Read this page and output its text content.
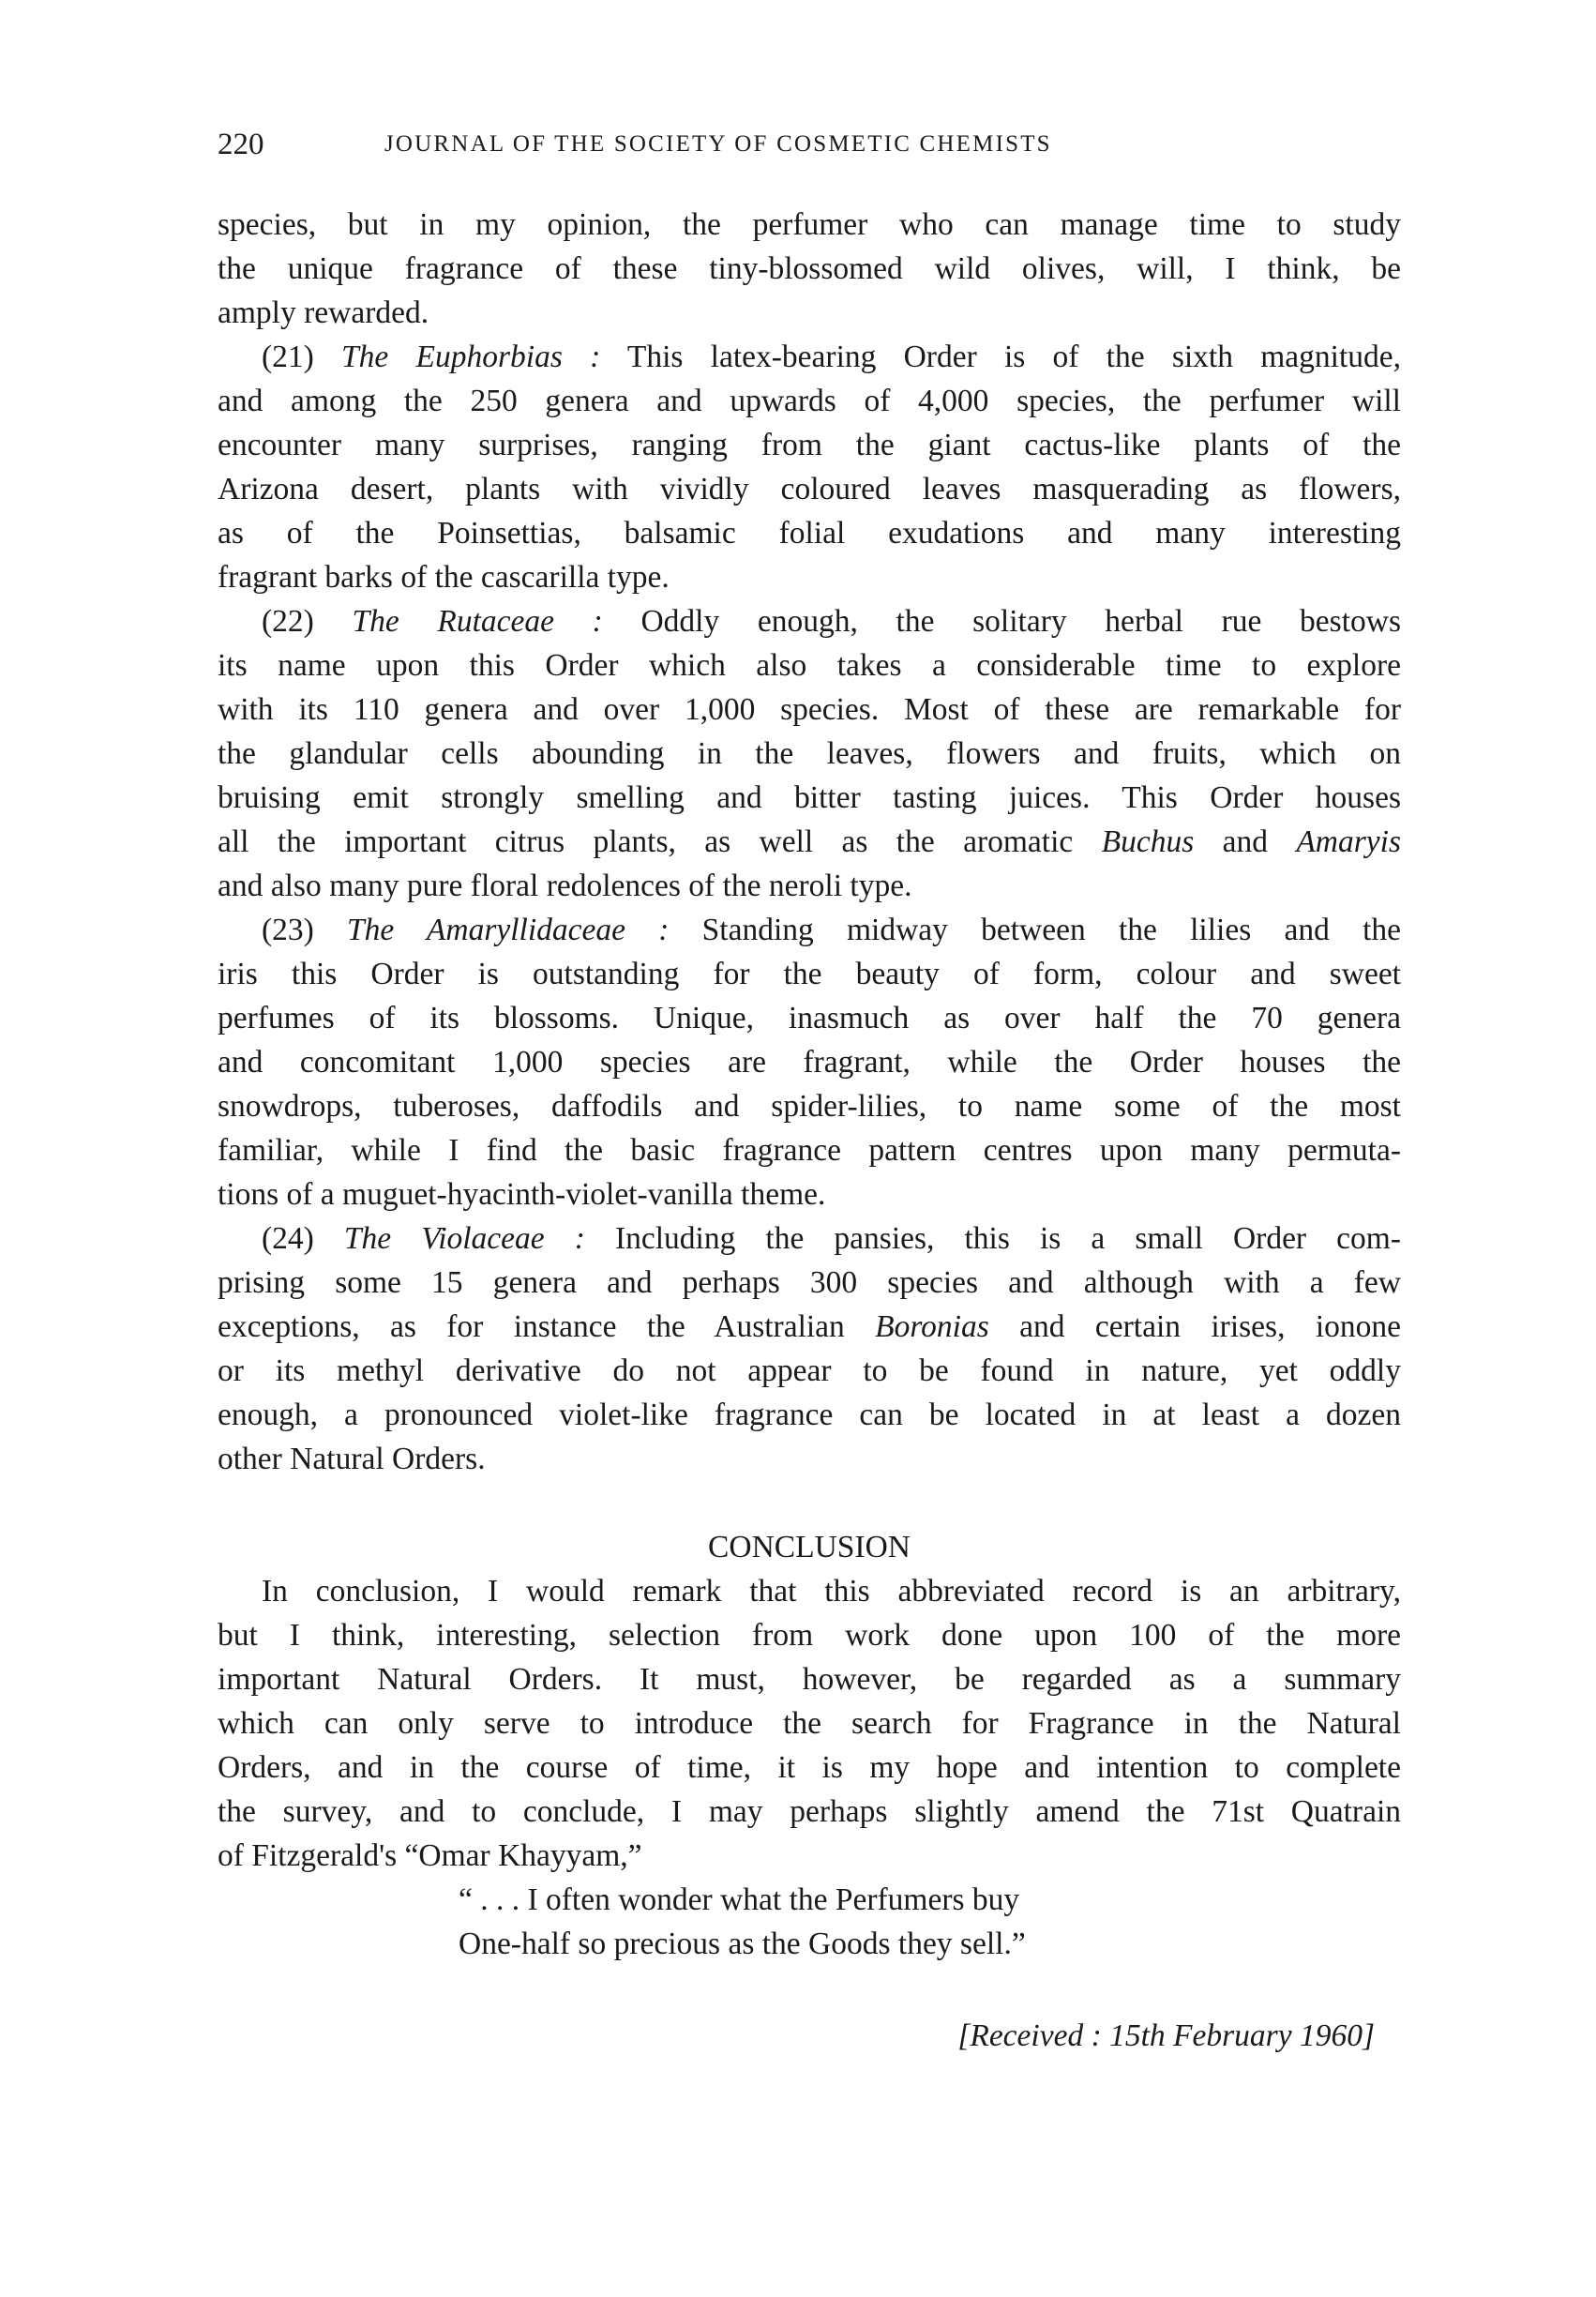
220	JOURNAL OF THE SOCIETY OF COSMETIC CHEMISTS
species, but in my opinion, the perfumer who can manage time to study
the unique fragrance of these tiny-blossomed wild olives, will, I think, be
amply rewarded.
(21) The Euphorbias : This latex-bearing Order is of the sixth magnitude,
and among the 250 genera and upwards of 4,000 species, the perfumer will
encounter many surprises, ranging from the giant cactus-like plants of the
Arizona desert, plants with vividly coloured leaves masquerading as flowers,
as of the Poinsettias, balsamic folial exudations and many interesting
fragrant barks of the cascarilla type.
(22) The Rutaceae : Oddly enough, the solitary herbal rue bestows
its name upon this Order which also takes a considerable time to explore
with its 110 genera and over 1,000 species. Most of these are remarkable for
the glandular cells abounding in the leaves, flowers and fruits, which on
bruising emit strongly smelling and bitter tasting juices. This Order houses
all the important citrus plants, as well as the aromatic Buchus and Amaryis
and also many pure floral redolences of the neroli type.
(23) The Amaryllidaceae : Standing midway between the lilies and the
iris this Order is outstanding for the beauty of form, colour and sweet
perfumes of its blossoms. Unique, inasmuch as over half the 70 genera
and concomitant 1,000 species are fragrant, while the Order houses the
snowdrops, tuberoses, daffodils and spider-lilies, to name some of the most
familiar, while I find the basic fragrance pattern centres upon many permuta-
tions of a muguet-hyacinth-violet-vanilla theme.
(24) The Violaceae : Including the pansies, this is a small Order com-
prising some 15 genera and perhaps 300 species and although with a few
exceptions, as for instance the Australian Boronias and certain irises, ionone
or its methyl derivative do not appear to be found in nature, yet oddly
enough, a pronounced violet-like fragrance can be located in at least a dozen
other Natural Orders.
CONCLUSION
In conclusion, I would remark that this abbreviated record is an arbitrary,
but I think, interesting, selection from work done upon 100 of the more
important Natural Orders. It must, however, be regarded as a summary
which can only serve to introduce the search for Fragrance in the Natural
Orders, and in the course of time, it is my hope and intention to complete
the survey, and to conclude, I may perhaps slightly amend the 71st Quatrain
of Fitzgerald's “Omar Khayyam,”
“ . . . I often wonder what the Perfumers buy
One-half so precious as the Goods they sell.”
[Received : 15th February 1960]
